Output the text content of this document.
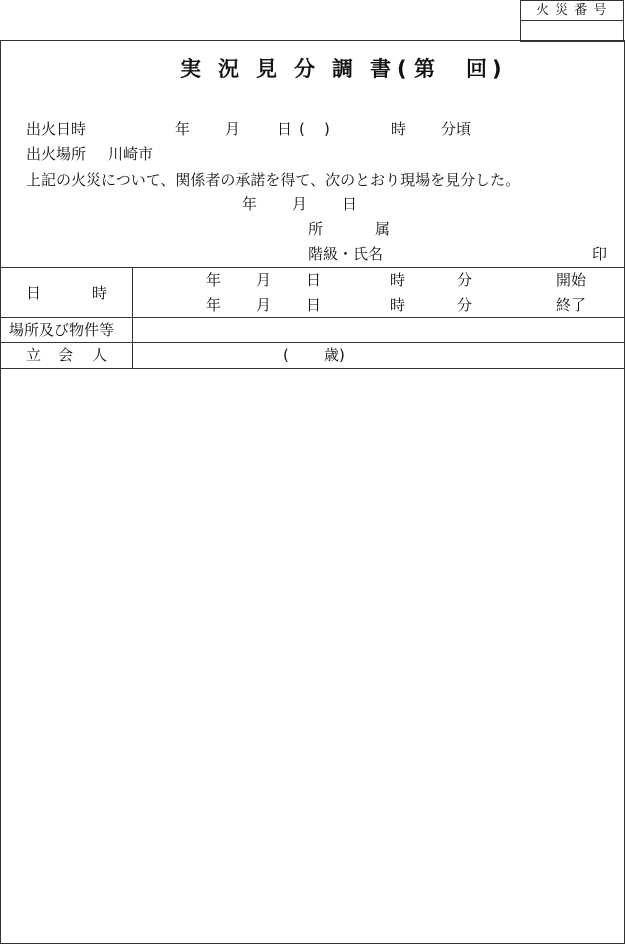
火 災 番 号
実 況 見 分 調 書 ( 第 回 )
出火日時	年 月 日 ( )	時 分頃
出火場所 川崎市
上記の火災について、関係者の承諾を得て、次のとおり現場を見分した。
年 月 日
所	属
階級・氏名	印
日	時
年 月 日	時	分	開始
年 月 日	時	分	終了
場所及び物件等
立 会 人	( 歳)
